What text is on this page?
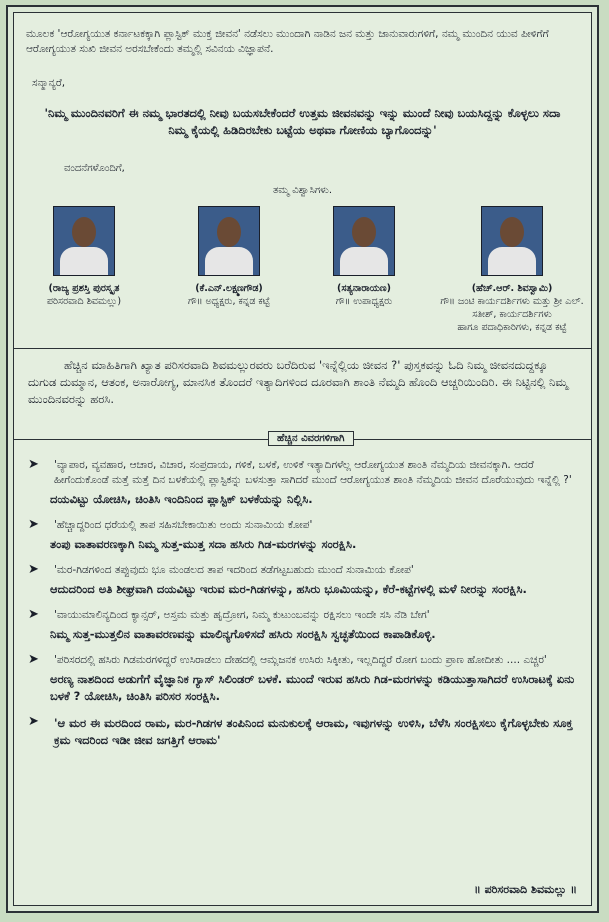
ಮೂಲಕ 'ಆರೋಗ್ಯಯುತ ಕರ್ನಾಟಕಕ್ಕಾಗಿ ಪ್ಲಾಸ್ಟಿಕ್ ಮುಕ್ತ ಜೀವನ' ನಡೆಸಲು ಮುಂದಾಗಿ ನಾಡಿನ ಜನ ಮತ್ತು ಜಾನುವಾರುಗಳಿಗೆ, ನಮ್ಮ ಮುಂದಿನ ಯುವ ಪೀಳಿಗೆಗೆ ಆರೋಗ್ಯಯುತ ಸುಖಿ ಜೀವನ ಅರಸಬೇಕೆಂದು ತಮ್ಮಲ್ಲಿ ಸವಿನಯ ವಿಜ್ಞಾಪನೆ.
ಸನ್ಮಾನ್ಯರೆ,
'ನಿಮ್ಮ ಮುಂದಿನವರಿಗೆ ಈ ನಮ್ಮ ಭಾರತದಲ್ಲಿ ನೀವು ಬಯಸಬೇಕೆಂದರೆ ಉತ್ತಮ ಜೀವನವನ್ನು ಇನ್ನು ಮುಂದೆ ನೀವು ಬಯಸಿದ್ದನ್ನು ಕೊಳ್ಳಲು ಸದಾ ನಿಮ್ಮ ಕೈಯಲ್ಲಿ ಹಿಡಿದಿರಬೇಕು ಬಟ್ಟೆಯ ಅಥವಾ ಗೋಣಿಯ ಬ್ಯಾಗೊಂದನ್ನು'
ವಂದನೆಗಳೊಂದಿಗೆ,
ತಮ್ಮ ವಿಶ್ವಾಸಿಗಳು.
(ರಾಜ್ಯ ಪ್ರಶಸ್ತಿ ಪುರಸ್ಕೃತ
ಪರಿಸರವಾದಿ ಶಿವಮಲ್ಲು)
(ಕೆ.ಎನ್.ಲಕ್ಷ್ಮಣಗೌಡ)
ಗೌ॥ ಅಧ್ಯಕ್ಷರು, ಕನ್ನಡ ಕಟ್ಟೆ
(ಸತ್ಯನಾರಾಯಣ)
ಗೌ॥ ಉಪಾಧ್ಯಕ್ಷರು
(ಹೆಚ್.ಆರ್. ಶಿವಸ್ವಾಮಿ)
ಗೌ॥ ಜಂಟಿ ಕಾರ್ಯದರ್ಶಿಗಳು ಮತ್ತು ಶ್ರೀ ಎಲ್. ಸತೀಶ್, ಕಾರ್ಯದರ್ಶಿಗಳು
ಹಾಗೂ ಪದಾಧಿಕಾರಿಗಳು, ಕನ್ನಡ ಕಟ್ಟೆ
ಹೆಚ್ಚಿನ ಮಾಹಿತಿಗಾಗಿ ಖ್ಯಾತ ಪರಿಸರವಾದಿ ಶಿವಮಲ್ಲುರವರು ಬರೆದಿರುವ 'ಇನ್ನೆಲ್ಲಿಯ ಜೀವನ ?' ಪುಸ್ತಕವನ್ನು ಓದಿ ನಿಮ್ಮ ಜೀವನದುದ್ದಕ್ಕೂ ದುಗುಡ ದುಮ್ಮಾನ, ಆತಂಕ, ಅನಾರೋಗ್ಯ, ಮಾನಸಿಕ ತೊಂದರೆ ಇತ್ಯಾದಿಗಳಿಂದ ದೂರವಾಗಿ ಶಾಂತಿ ನೆಮ್ಮದಿ ಹೊಂದಿ ಆಚ್ಚರಿಯಿಂದಿರಿ. ಈ ನಿಟ್ಟಿನಲ್ಲಿ ನಿಮ್ಮ ಮುಂದಿನವರನ್ನು ಹರಸಿ.
ಹೆಚ್ಚಿನ ವಿವರಗಳಿಗಾಗಿ
➤ 'ವ್ಯಾಪಾರ, ವ್ಯವಹಾರ, ಆಚಾರ, ವಿಚಾರ, ಸಂಪ್ರದಾಯ, ಗಳಿಕೆ, ಬಳಕೆ, ಉಳಿಕೆ ಇತ್ಯಾದಿಗಳೆಲ್ಲ ಆರೋಗ್ಯಯುತ ಶಾಂತಿ ನೆಮ್ಮದಿಯ ಜೀವನಕ್ಕಾಗಿ. ಆದರೆ ಹೀಗೆಂದುಕೊಂಡೆ ಮತ್ತೆ ಮತ್ತೆ ದಿನ ಬಳಕೆಯಲ್ಲಿ ಪ್ಲಾಸ್ಟಿಕನ್ನು ಬಳಸುತ್ತಾ ಸಾಗಿದರೆ ಮುಂದೆ ಆರೋಗ್ಯಯುತ ಶಾಂತಿ ನೆಮ್ಮದಿಯ ಜೀವನ ದೊರೆಯುವುದು ಇನ್ನೆಲ್ಲಿ ?'
ದಯವಿಟ್ಟು ಯೋಚಿಸಿ, ಚಿಂತಿಸಿ ಇಂದಿನಿಂದ ಪ್ಲಾಸ್ಟಿಕ್ ಬಳಕೆಯನ್ನು ನಿಲ್ಲಿಸಿ.
➤ 'ಹೆಚ್ಚಾದ್ದರಿಂದ ಧರೆಯಲ್ಲಿ ತಾಪ ಸಹಿಸಬೇಕಾಯಿತು ಅಂದು ಸುನಾಮಿಯ ಕೋಪ'
ತಂಪು ವಾತಾವರಣಕ್ಕಾಗಿ ನಿಮ್ಮ ಸುತ್ತ-ಮುತ್ತ ಸದಾ ಹಸಿರು ಗಿಡ-ಮರಗಳನ್ನು ಸಂರಕ್ಷಿಸಿ.
➤ 'ಮರ-ಗಿಡಗಳಿಂದ ತಪ್ಪುವುದು ಭೂ ಮಂಡಲದ ತಾಪ ಇದರಿಂದ ತಡೆಗಟ್ಟಬಹುದು ಮುಂದೆ ಸುನಾಮಿಯ ಕೋಪ'
ಆದುದರಿಂದ ಅತಿ ಶೀಘ್ರವಾಗಿ ದಯವಿಟ್ಟು ಇರುವ ಮರ-ಗಿಡಗಳನ್ನು, ಹಸಿರು ಭೂಮಿಯನ್ನು, ಕೆರೆ-ಕಟ್ಟೆಗಳಲ್ಲಿ ಮಳೆ ನೀರನ್ನು ಸಂರಕ್ಷಿಸಿ.
➤ 'ವಾಯುಮಾಲಿನ್ಯದಿಂದ ಕ್ಯಾನ್ಸರ್, ಅಸ್ತಮ ಮತ್ತು ಹೃದ್ರೋಗ, ನಿಮ್ಮ ಕುಟುಂಬವನ್ನು ರಕ್ಷಿಸಲು ಇಂದೇ ಸಸಿ ನೆಡಿ ಬೇಗ'
ನಿಮ್ಮ ಸುತ್ತ-ಮುತ್ತಲಿನ ವಾತಾವರಣವನ್ನು ಮಾಲಿನ್ಯಗೊಳಿಸದೆ ಹಸಿರು ಸಂರಕ್ಷಿಸಿ ಸ್ವಚ್ಛತೆಯಿಂದ ಕಾಪಾಡಿಕೊಳ್ಳಿ.
➤ 'ಪರಿಸರದಲ್ಲಿ ಹಸಿರು ಗಿಡಮರಗಳಿದ್ದರೆ ಉಸಿರಾಡಲು ದೇಹದಲ್ಲಿ ಆಮ್ಲಜನಕ ಉಸಿರು ಸಿಕ್ಕೀತು, ಇಲ್ಲದಿದ್ದರೆ ರೋಗ ಬಂದು ಪ್ರಾಣ ಹೋದೀತು .... ಎಚ್ಚರ'
ಅರಣ್ಯ ನಾಶದಿಂದ ಅಡುಗೆಗೆ ವೈಜ್ಞಾನಿಕ ಗ್ಯಾಸ್ ಸಿಲಿಂಡರ್ ಬಳಕೆ. ಮುಂದೆ ಇರುವ ಹಸಿರು ಗಿಡ-ಮರಗಳನ್ನು ಕಡಿಯುತ್ತಾಸಾಗಿದರೆ ಉಸಿರಾಟಕ್ಕೆ ಏನು ಬಳಕೆ ? ಯೋಚಿಸಿ, ಚಿಂತಿಸಿ ಪರಿಸರ ಸಂರಕ್ಷಿಸಿ.
➤ 'ಆ ಮರ ಈ ಮರದಿಂದ ರಾಮ, ಮರ-ಗಿಡಗಳ ತಂಪಿನಿಂದ ಮನುಕುಲಕ್ಕೆ ಆರಾಮ, ಇವುಗಳನ್ನು ಉಳಿಸಿ, ಬೆಳೆಸಿ ಸಂರಕ್ಷಿಸಲು ಕೈಗೊಳ್ಳಬೇಕು ಸೂಕ್ತ ಕ್ರಮ ಇದರಿಂದ ಇಡೀ ಜೀವ ಜಗತ್ತಿಗೆ ಆರಾಮ'
॥ ಪರಿಸರವಾದಿ ಶಿವಮಲ್ಲು ॥
